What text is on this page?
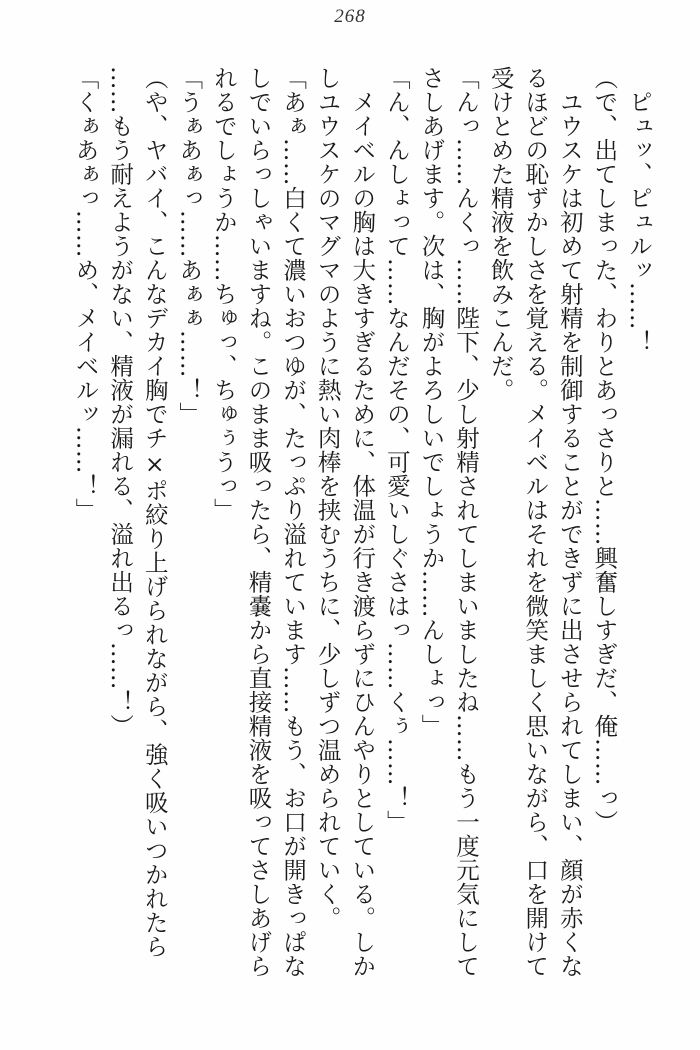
268
　ピュッ、ピュルッ……！
（で、出てしまった、わりとあっさりと……興奮しすぎだ、俺……っ）
　ユウスケは初めて射精を制御することができずに出させられてしまい、顔が赤くな
るほどの恥ずかしさを覚える。メイベルはそれを微笑ましく思いながら、口を開けて
受けとめた精液を飲みこんだ。
「んっ……んくっ……陛下、少し射精されてしまいましたね……もう一度元気にして
さしあげます。次は、胸がよろしいでしょうか……んしょっ」
「ん、んしょって……なんだその、可愛いしぐさはっ……くぅ……！」
　メイベルの胸は大きすぎるために、体温が行き渡らずにひんやりとしている。しか
しユウスケのマグマのように熱い肉棒を挟むうちに、少しずつ温められていく。
「あぁ……白くて濃いおつゆが、たっぷり溢れています……もう、お口が開きっぱな
しでいらっしゃいますね。このまま吸ったら、精嚢から直接精液を吸ってさしあげら
れるでしょうか……ちゅっ、ちゅぅうっ」
「うぁあぁっ……あぁぁ……！」
（や、ヤバイ、こんなデカイ胸でチ×ポ絞り上げられながら、強く吸いつかれたら
……もう耐えようがない、精液が漏れる、溢れ出るっ……！）
「くぁあぁっ……め、メイベルッ……！」
